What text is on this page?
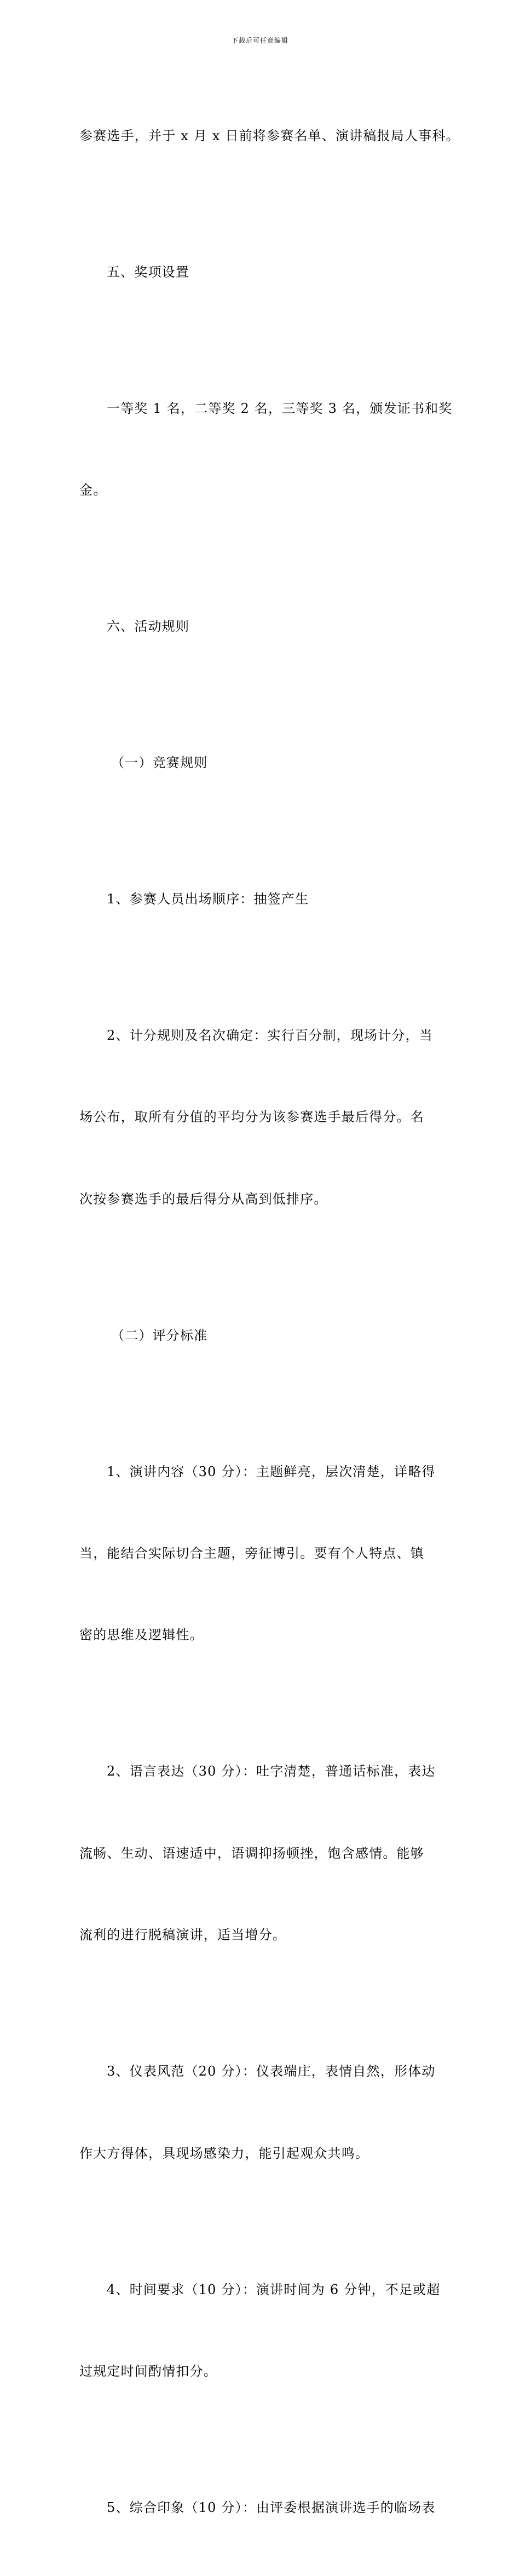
下载后可任意编辑

参赛选手，并于 x 月 x 日前将参赛名单、演讲稿报局人事科。

五、奖项设置

一等奖 1 名，二等奖 2 名，三等奖 3 名，颁发证书和奖

金。

六、活动规则

（一）竞赛规则

1、参赛人员出场顺序：抽签产生

2、计分规则及名次确定：实行百分制，现场计分，当

场公布，取所有分值的平均分为该参赛选手最后得分。名

次按参赛选手的最后得分从高到低排序。

（二）评分标准

1、演讲内容（30 分）：主题鲜亮，层次清楚，详略得

当，能结合实际切合主题，旁征博引。要有个人特点、镇

密的思维及逻辑性。

2、语言表达（30 分）：吐字清楚，普通话标准，表达

流畅、生动、语速适中，语调抑扬顿挫，饱含感情。能够

流利的进行脱稿演讲，适当增分。

3、仪表风范（20 分）：仪表端庄，表情自然，形体动

作大方得体，具现场感染力，能引起观众共鸣。

4、时间要求（10 分）：演讲时间为 6 分钟，不足或超

过规定时间酌情扣分。

5、综合印象（10 分）：由评委根据演讲选手的临场表
